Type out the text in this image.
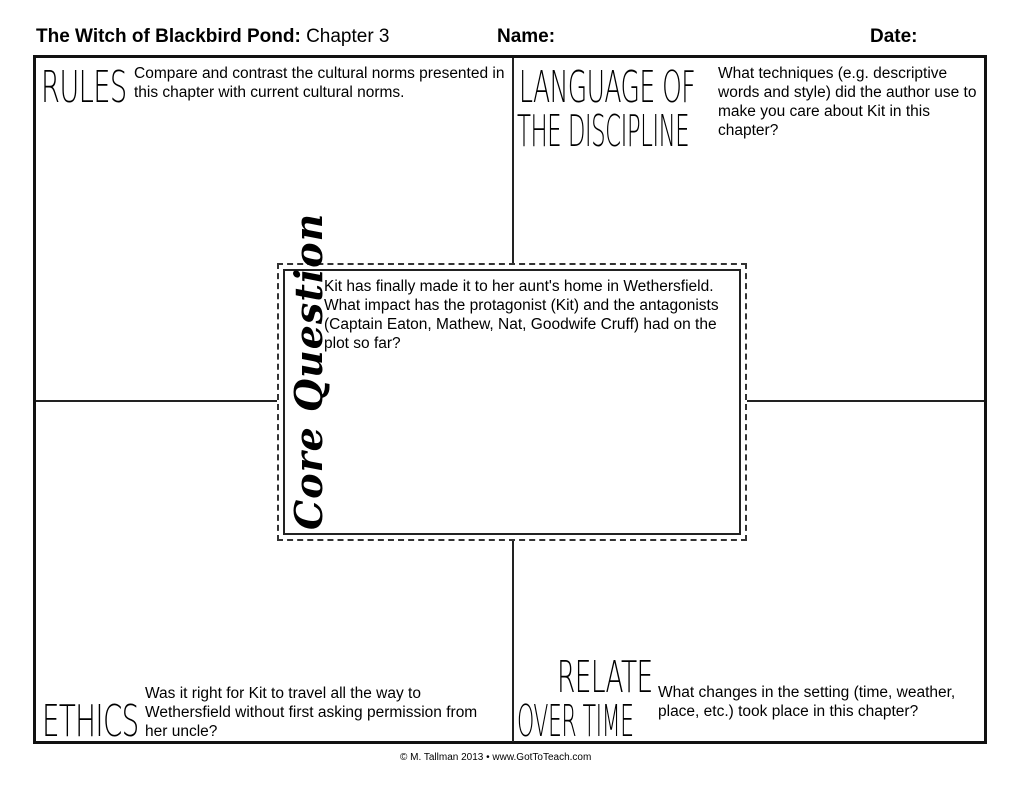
The Witch of Blackbird Pond: Chapter 3	Name:	Date:
RULES Compare and contrast the cultural norms presented in this chapter with current cultural norms.	LANGUAGE OF
THE DISCIPLINE
What techniques (e.g. descriptive words and style) did the author use to make you care about Kit in this chapter?
ETHICS
Was it right for Kit to travel all the way to Wethersfield without first asking permission from her uncle?
RELATE
OVER TIME
What changes in the setting (time, weather, place, etc.) took place in this chapter?
Core Question
Kit has finally made it to her aunt's home in Wethersfield. What impact has the protagonist (Kit) and the antagonists (Captain Eaton, Mathew, Nat, Goodwife Cruff) had on the plot so far?
© M. Tallman 2013 • www.GotToTeach.com
